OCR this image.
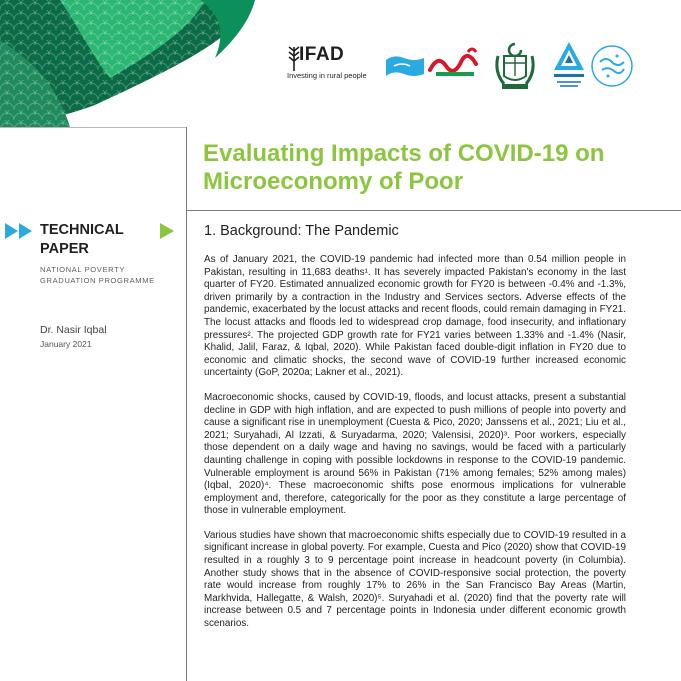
IFAD
Investing in rural people
Evaluating Impacts of COVID-19 on
Microeconomy of Poor
TECHNICAL
PAPER
NATIONAL POVERTY
GRADUATION PROGRAMME
Dr. Nasir Iqbal
January 2021
1. Background: The Pandemic

As of January 2021, the COVID-19 pandemic had infected more than 0.54 million people in Pakistan, resulting in 11,683 deaths¹. It has severely impacted Pakistan's economy in the last quarter of FY20. Estimated annualized economic growth for FY20 is between -0.4% and -1.3%, driven primarily by a contraction in the Industry and Services sectors. Adverse effects of the pandemic, exacerbated by the locust attacks and recent floods, could remain damaging in FY21. The locust attacks and floods led to widespread crop damage, food insecurity, and inflationary pressures². The projected GDP growth rate for FY21 varies between 1.33% and -1.4% (Nasir, Khalid, Jalil, Faraz, & Iqbal, 2020). While Pakistan faced double-digit inflation in FY20 due to economic and climatic shocks, the second wave of COVID-19 further increased economic uncertainty (GoP, 2020a; Lakner et al., 2021).

Macroeconomic shocks, caused by COVID-19, floods, and locust attacks, present a substantial decline in GDP with high inflation, and are expected to push millions of people into poverty and cause a significant rise in unemployment (Cuesta & Pico, 2020; Janssens et al., 2021; Liu et al., 2021; Suryahadi, Al Izzati, & Suryadarma, 2020; Valensisi, 2020)³. Poor workers, especially those dependent on a daily wage and having no savings, would be faced with a particularly daunting challenge in coping with possible lockdowns in response to the COVID-19 pandemic. Vulnerable employment is around 56% in Pakistan (71% among females; 52% among males) (Iqbal, 2020)⁴. These macroeconomic shifts pose enormous implications for vulnerable employment and, therefore, categorically for the poor as they constitute a large percentage of those in vulnerable employment.

Various studies have shown that macroeconomic shifts especially due to COVID-19 resulted in a significant increase in global poverty. For example, Cuesta and Pico (2020) show that COVID-19 resulted in a roughly 3 to 9 percentage point increase in headcount poverty (in Columbia). Another study shows that in the absence of COVID-responsive social protection, the poverty rate would increase from roughly 17% to 26% in the San Francisco Bay Areas (Martin, Markhvida, Hallegatte, & Walsh, 2020)⁵. Suryahadi et al. (2020) find that the poverty rate will increase between 0.5 and 7 percentage points in Indonesia under different economic growth scenarios.
